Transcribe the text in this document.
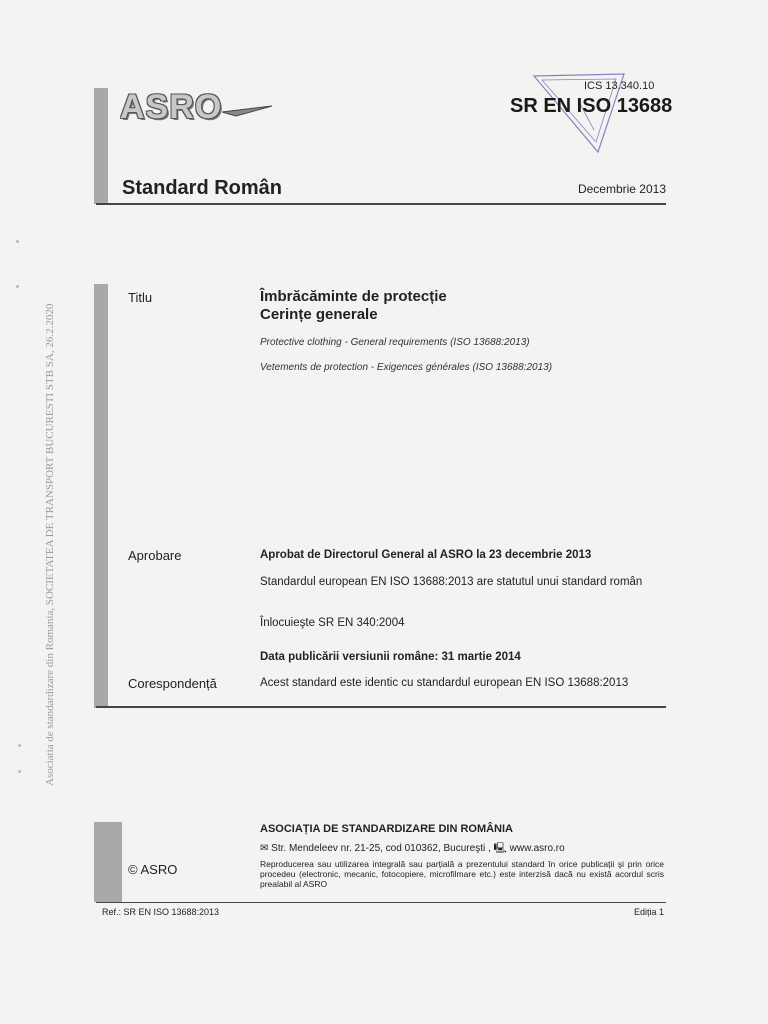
Asociatia de standardizare din Romania, SOCIETATEA DE TRANSPORT BUCURESTI STB SA, 26.2.2020
ASRO
ICS 13.340.10
SR EN ISO 13688
Standard Român	Decembrie 2013
Titlu	Îmbrăcăminte de protecție
Cerințe generale
Protective clothing - General requirements (ISO 13688:2013)
Vetements de protection - Exigences générales (ISO 13688:2013)
Aprobare	Aprobat de Directorul General al ASRO la 23 decembrie 2013
Standardul european EN ISO 13688:2013 are statutul unui standard român
Înlocuieşte SR EN 340:2004
Data publicării versiunii române: 31 martie 2014
Corespondență	Acest standard este identic cu standardul european EN ISO 13688:2013
© ASRO
ASOCIAȚIA DE STANDARDIZARE DIN ROMÂNIA
✉ Str. Mendeleev nr. 21-25, cod 010362, Bucureşti , 🖳 www.asro.ro
Reproducerea sau utilizarea integrală sau parțială a prezentului standard în orice publicații şi prin orice procedeu (electronic, mecanic, fotocopiere, microfilmare etc.) este interzisă dacă nu există acordul scris prealabil al ASRO
Ref.: SR EN ISO 13688:2013	Ediția 1
